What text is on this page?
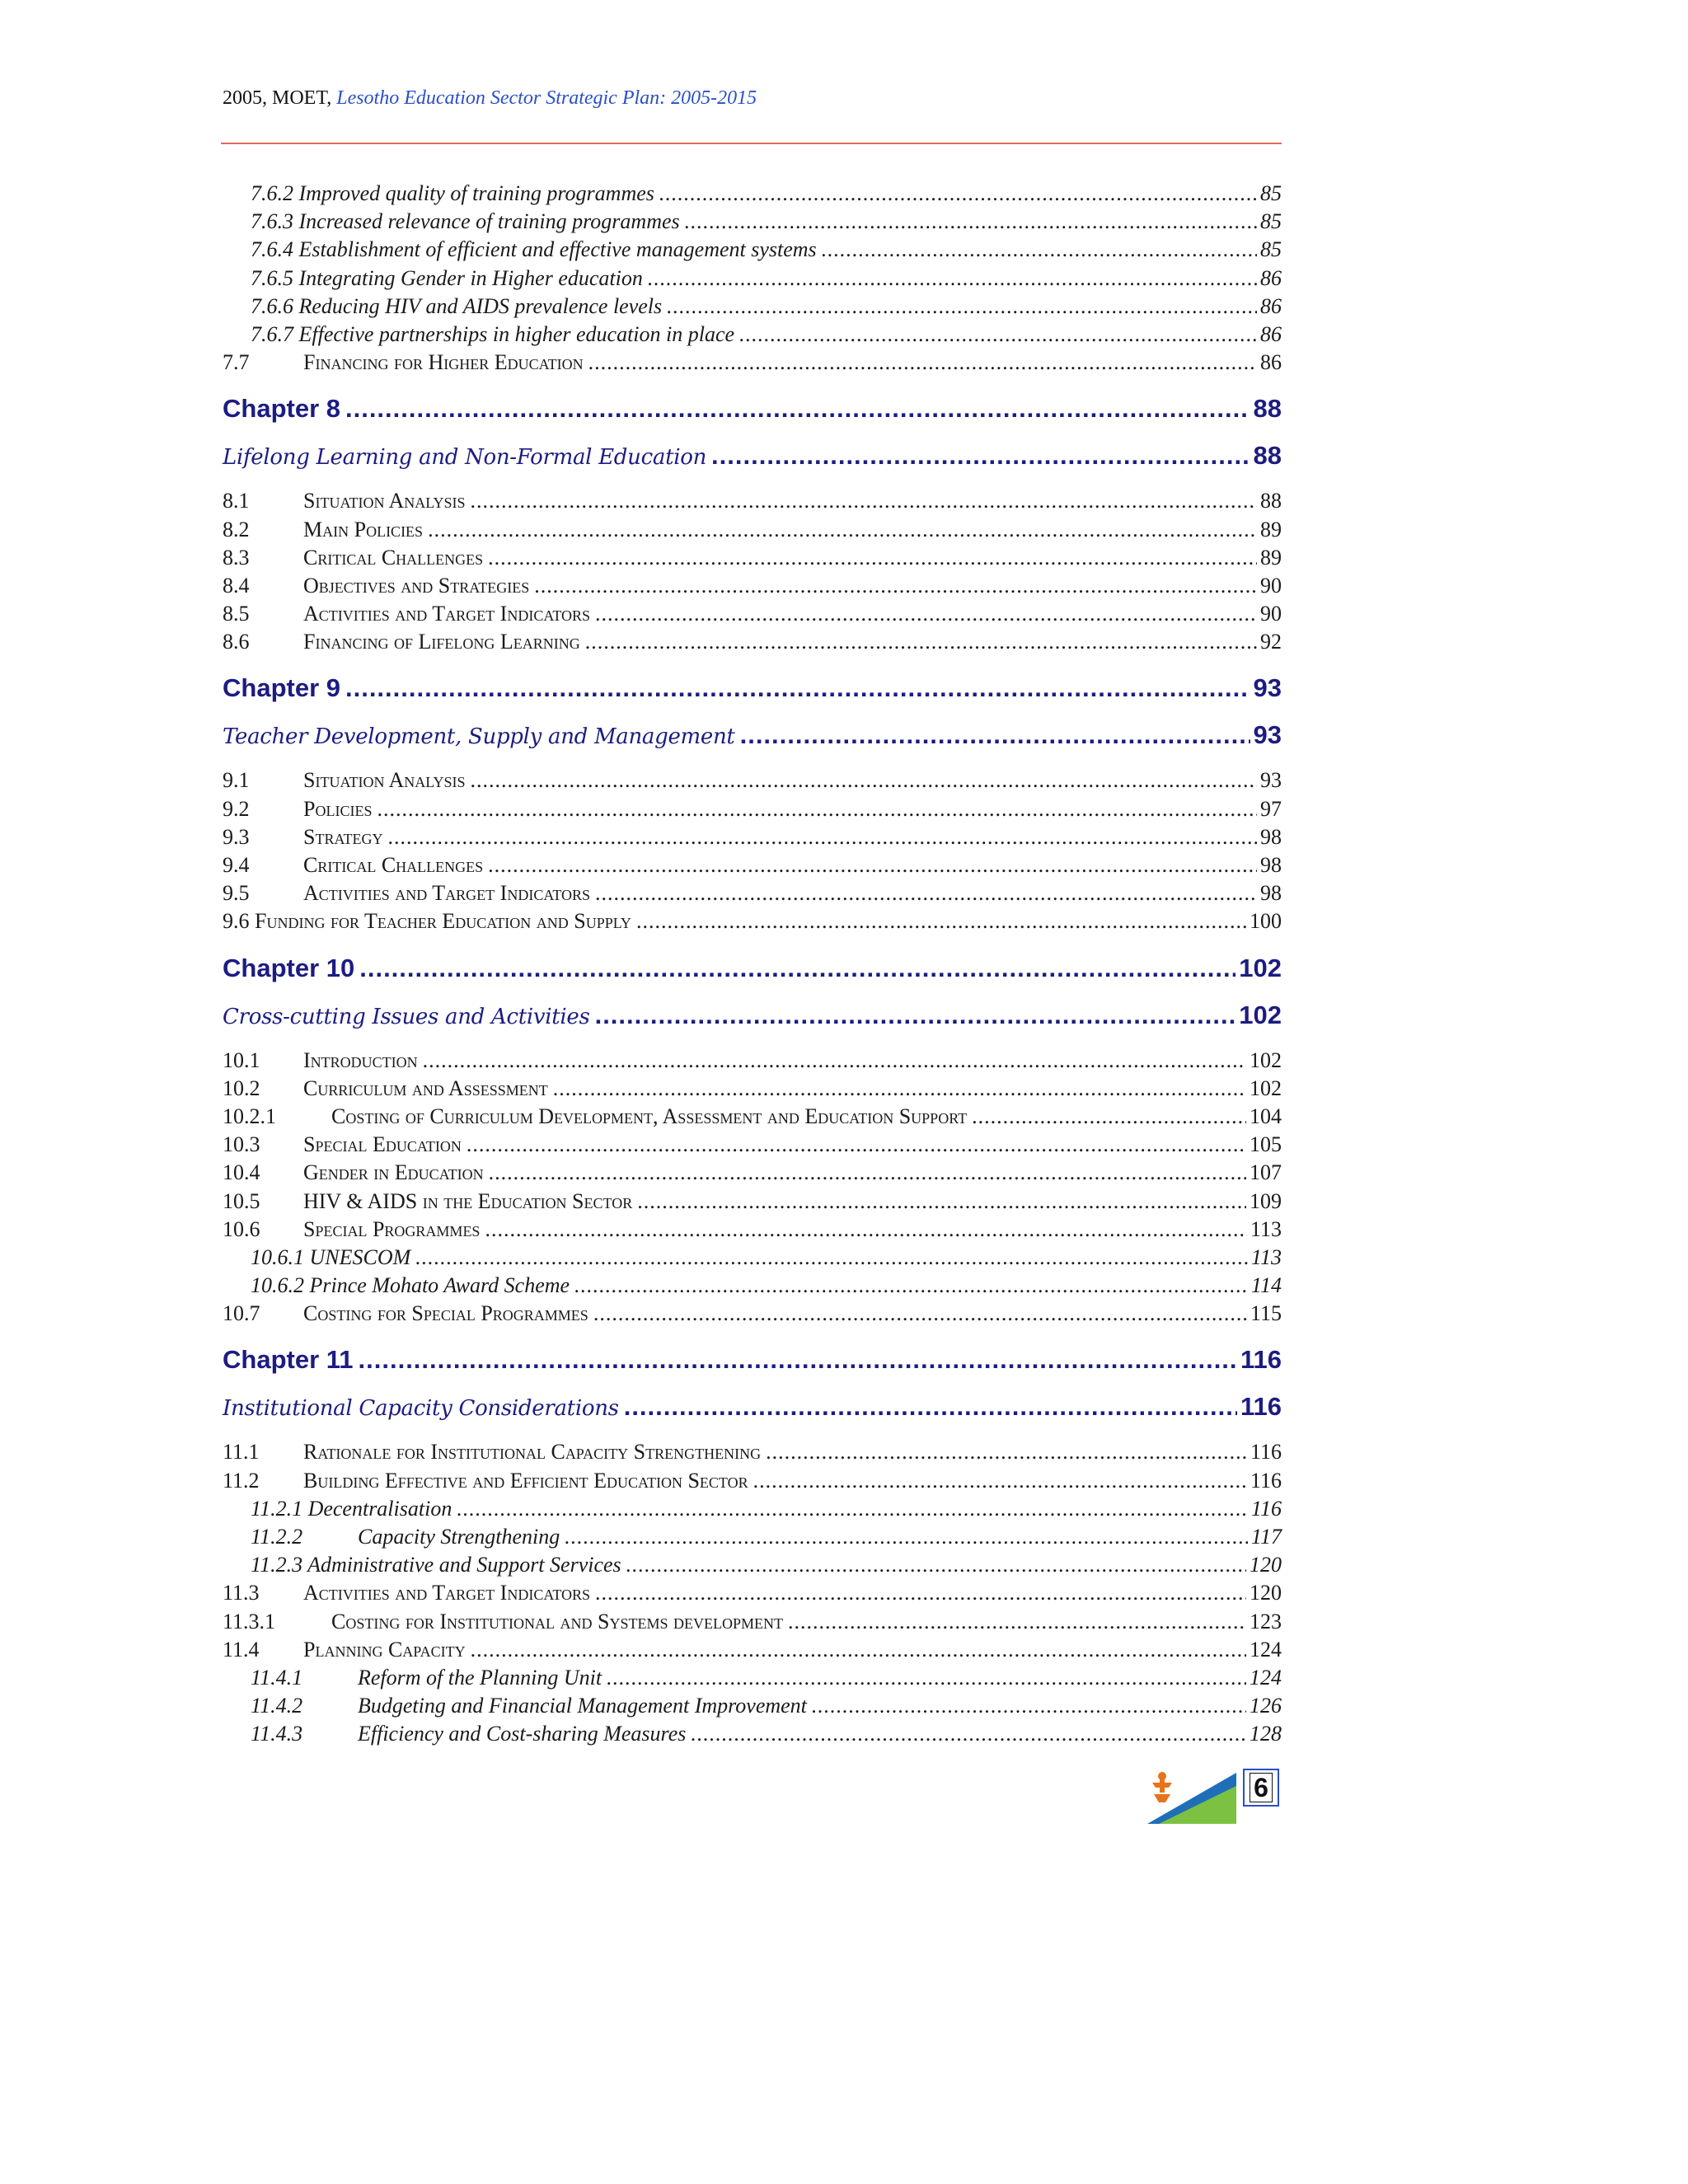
2005, MOET, Lesotho Education Sector Strategic Plan: 2005-2015
7.6.2 Improved quality of training programmes .....	85
7.6.3 Increased relevance of training programmes .....	85
7.6.4 Establishment of efficient and effective management systems .....	85
7.6.5 Integrating Gender in Higher education .....	86
7.6.6 Reducing HIV and AIDS prevalence levels .....	86
7.6.7 Effective partnerships in higher education in place .....	86
7.7	Financing for Higher Education .....	86
Chapter 8 .....	88
Lifelong Learning and Non-Formal Education .....	88
8.1	Situation Analysis .....	88
8.2	Main Policies .....	89
8.3	Critical Challenges .....	89
8.4	Objectives and Strategies .....	90
8.5	Activities and Target Indicators .....	90
8.6	Financing of Lifelong Learning .....	92
Chapter 9 .....	93
Teacher Development, Supply and Management .....	93
9.1	Situation Analysis .....	93
9.2	Policies .....	97
9.3	Strategy .....	98
9.4	Critical Challenges .....	98
9.5	Activities and Target Indicators .....	98
9.6 Funding for Teacher Education and Supply .....	100
Chapter 10 .....	102
Cross-cutting Issues and Activities .....	102
10.1	Introduction .....	102
10.2	Curriculum and Assessment .....	102
10.2.1	Costing of Curriculum Development, Assessment and Education Support .....	104
10.3	Special Education .....	105
10.4	Gender in Education .....	107
10.5	HIV & AIDS in the Education Sector .....	109
10.6	Special Programmes .....	113
10.6.1 UNESCOM .....	113
10.6.2 Prince Mohato Award Scheme .....	114
10.7	Costing for Special Programmes .....	115
Chapter 11 .....	116
Institutional Capacity Considerations .....	116
11.1	Rationale for Institutional Capacity Strengthening .....	116
11.2	Building Effective and Efficient Education Sector .....	116
11.2.1 Decentralisation .....	116
11.2.2	Capacity Strengthening .....	117
11.2.3 Administrative and Support Services .....	120
11.3	Activities and Target Indicators .....	120
11.3.1	Costing for Institutional and Systems development .....	123
11.4	Planning Capacity .....	124
11.4.1	Reform of the Planning Unit .....	124
11.4.2	Budgeting and Financial Management Improvement .....	126
11.4.3	Efficiency and Cost-sharing Measures .....	128
6
